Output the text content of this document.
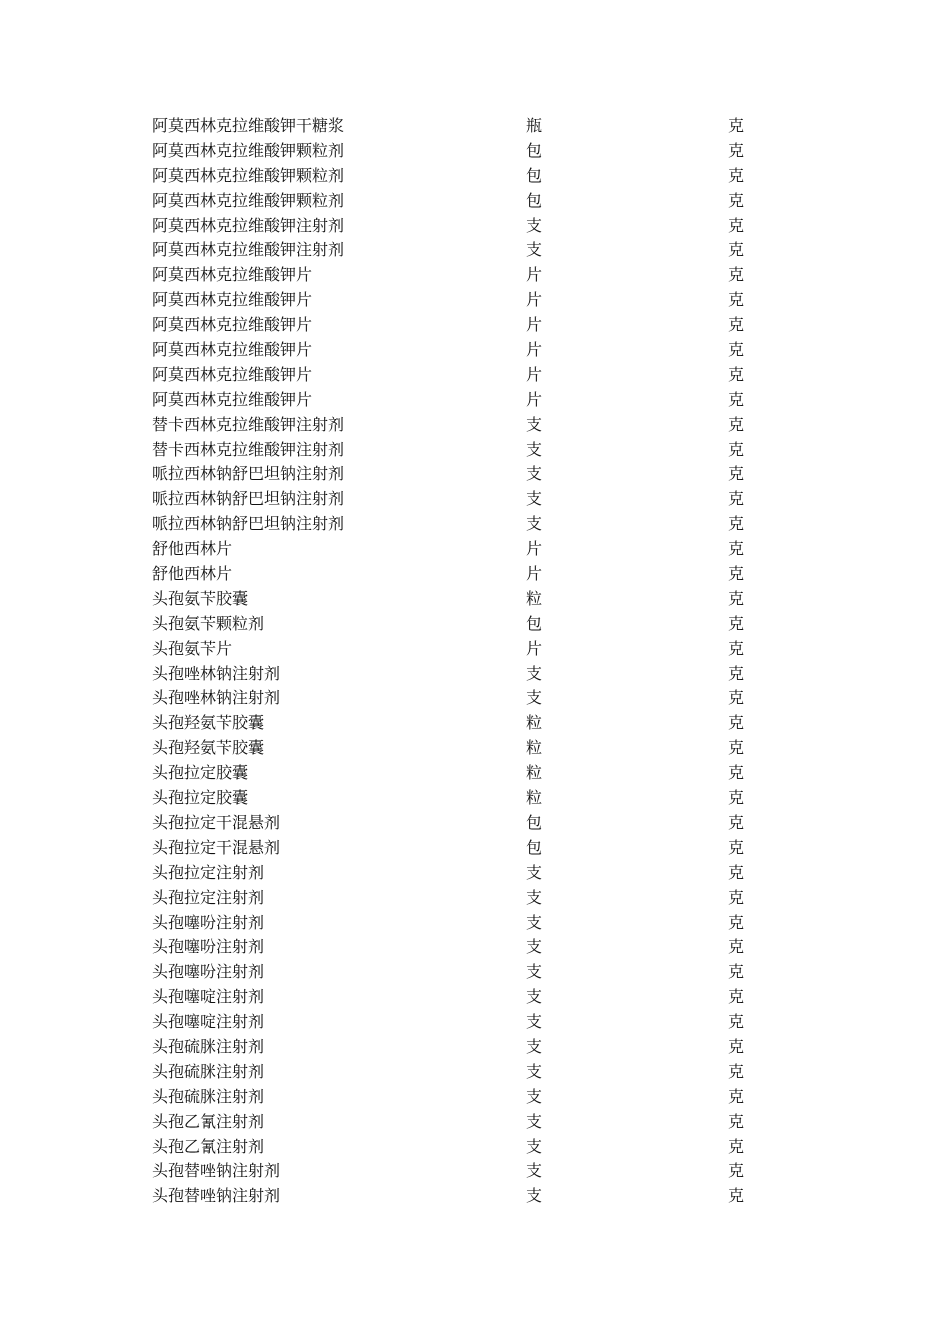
阿莫西林克拉维酸钾干糖浆	瓶	克
阿莫西林克拉维酸钾颗粒剂	包	克
阿莫西林克拉维酸钾颗粒剂	包	克
阿莫西林克拉维酸钾颗粒剂	包	克
阿莫西林克拉维酸钾注射剂	支	克
阿莫西林克拉维酸钾注射剂	支	克
阿莫西林克拉维酸钾片	片	克
阿莫西林克拉维酸钾片	片	克
阿莫西林克拉维酸钾片	片	克
阿莫西林克拉维酸钾片	片	克
阿莫西林克拉维酸钾片	片	克
阿莫西林克拉维酸钾片	片	克
替卡西林克拉维酸钾注射剂	支	克
替卡西林克拉维酸钾注射剂	支	克
哌拉西林钠舒巴坦钠注射剂	支	克
哌拉西林钠舒巴坦钠注射剂	支	克
哌拉西林钠舒巴坦钠注射剂	支	克
舒他西林片	片	克
舒他西林片	片	克
头孢氨苄胶囊	粒	克
头孢氨苄颗粒剂	包	克
头孢氨苄片	片	克
头孢唑林钠注射剂	支	克
头孢唑林钠注射剂	支	克
头孢羟氨苄胶囊	粒	克
头孢羟氨苄胶囊	粒	克
头孢拉定胶囊	粒	克
头孢拉定胶囊	粒	克
头孢拉定干混悬剂	包	克
头孢拉定干混悬剂	包	克
头孢拉定注射剂	支	克
头孢拉定注射剂	支	克
头孢噻吩注射剂	支	克
头孢噻吩注射剂	支	克
头孢噻吩注射剂	支	克
头孢噻啶注射剂	支	克
头孢噻啶注射剂	支	克
头孢硫脒注射剂	支	克
头孢硫脒注射剂	支	克
头孢硫脒注射剂	支	克
头孢乙氰注射剂	支	克
头孢乙氰注射剂	支	克
头孢替唑钠注射剂	支	克
头孢替唑钠注射剂	支	克
